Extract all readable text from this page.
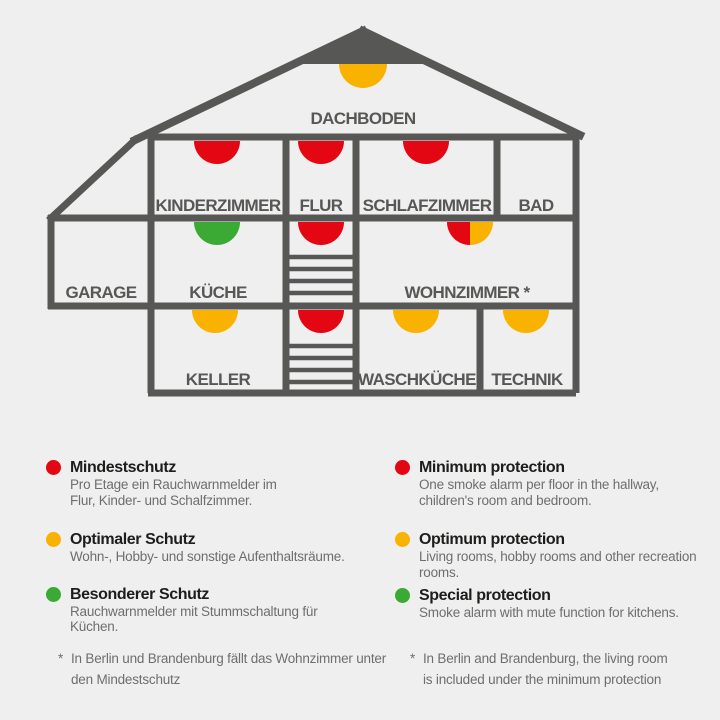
DACHBODEN
KINDERZIMMER FLUR SCHLAFZIMMER BAD
GARAGE	KÜCHE	WOHNZIMMER *
KELLER	WASCHKÜCHE TECHNIK
Mindestschutz
Pro Etage ein Rauchwarnmelder im
Flur, Kinder- und Schalfzimmer.
Optimaler Schutz
Wohn-, Hobby- und sonstige Aufenthaltsräume.
Besonderer Schutz
Rauchwarnmelder mit Stummschaltung für
Küchen.
Minimum protection
One smoke alarm per floor in the hallway,
children's room and bedroom.
Optimum protection
Living rooms, hobby rooms and other recreation
rooms.
Special protection
Smoke alarm with mute function for kitchens.
* In Berlin und Brandenburg fällt das Wohnzimmer unter
den Mindestschutz
* In Berlin and Brandenburg, the living room
is included under the minimum protection
